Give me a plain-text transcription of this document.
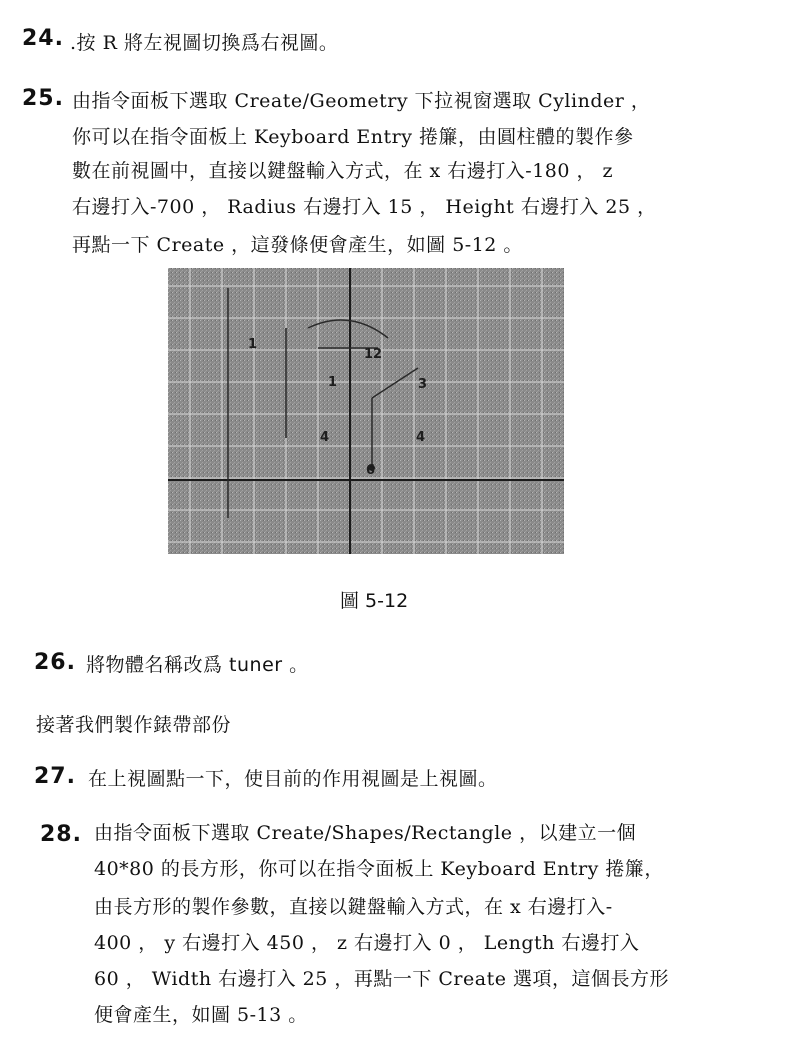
24. .按 R 將左視圖切換爲右視圖。
25. 由指令面板下選取 Create/Geometry 下拉視窗選取 Cylinder ，
你可以在指令面板上 Keyboard Entry 捲簾，由圓柱體的製作參
數在前視圖中，直接以鍵盤輸入方式，在 x 右邊打入-180 ， z
右邊打入-700 ， Radius 右邊打入 15 ， Height 右邊打入 25 ，
再點一下 Create ，這發條便會產生，如圖 5-12 。
12
3
4
4
6
1
1
圖 5-12
26. 將物體名稱改爲 tuner 。
接著我們製作錶帶部份
27. 在上視圖點一下，使目前的作用視圖是上視圖。
28. 由指令面板下選取 Create/Shapes/Rectangle ，以建立一個
40*80 的長方形，你可以在指令面板上 Keyboard Entry 捲簾，
由長方形的製作參數，直接以鍵盤輸入方式，在 x 右邊打入-
400 ， y 右邊打入 450 ， z 右邊打入 0 ， Length 右邊打入
60 ， Width 右邊打入 25 ，再點一下 Create 選項，這個長方形
便會產生，如圖 5-13 。
